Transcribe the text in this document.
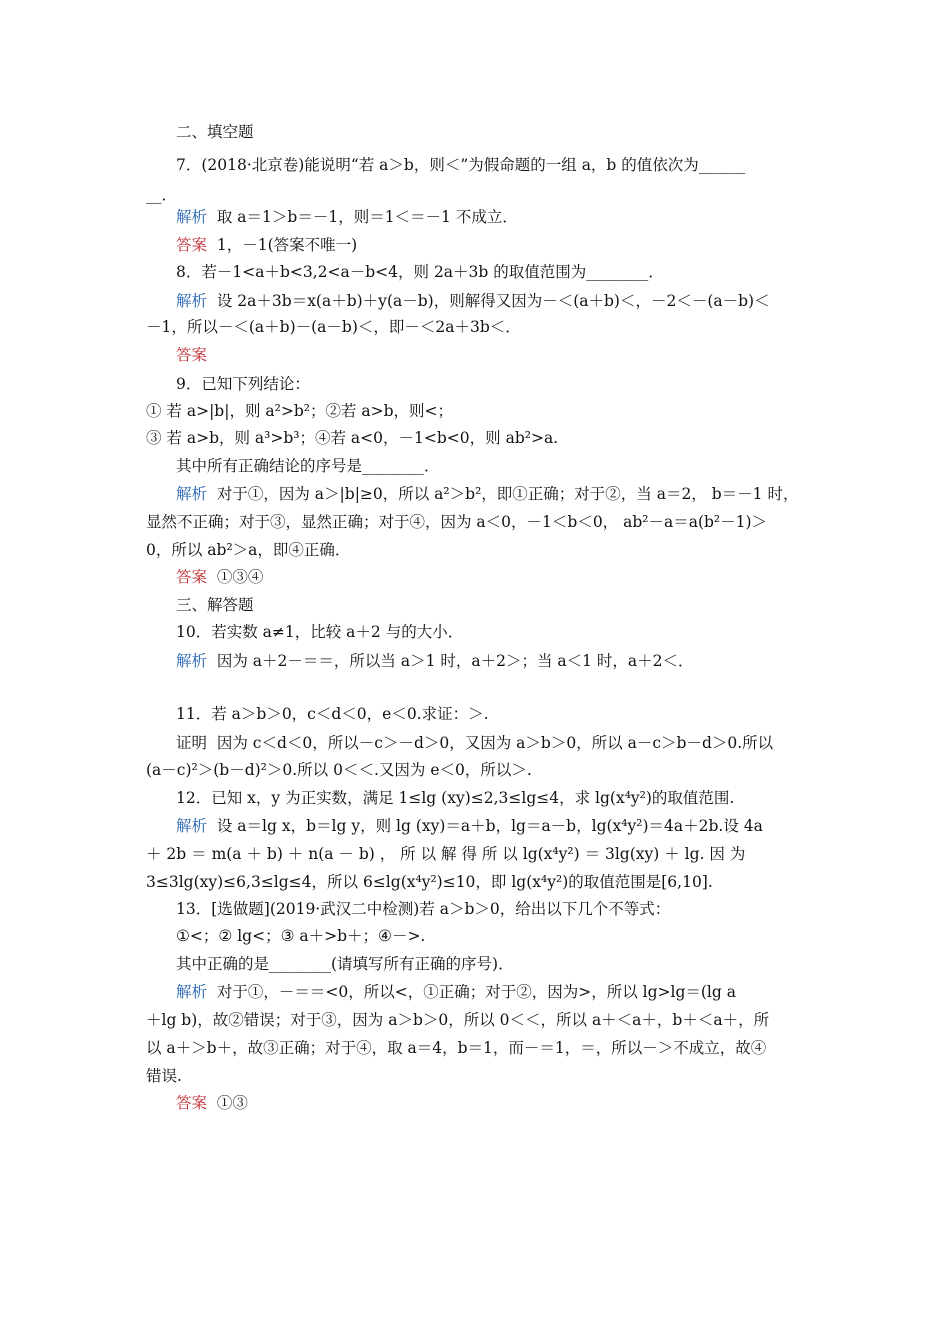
二、填空题
7．(2018·北京卷)能说明“若 a＞b，则＜”为假命题的一组 a，b 的值依次为______
__．
解析 取 a＝1＞b＝－1，则＝1＜＝－1 不成立．
答案 1，－1(答案不唯一)
8．若－1<a＋b<3,2<a－b<4，则 2a＋3b 的取值范围为________．
解析 设 2a＋3b＝x(a＋b)＋y(a－b)，则解得又因为－＜(a＋b)＜，－2＜－(a－b)＜
－1，所以－＜(a＋b)－(a－b)＜，即－＜2a＋3b＜．
答案
9．已知下列结论：
① 若 a>|b|，则 a²>b²；②若 a>b，则<；
③ 若 a>b，则 a³>b³；④若 a<0，－1<b<0，则 ab²>a.
其中所有正确结论的序号是________．
解析 对于①，因为 a＞|b|≥0，所以 a²＞b²，即①正确；对于②，当 a＝2， b＝－1 时，
显然不正确；对于③，显然正确；对于④，因为 a＜0，－1＜b＜0， ab²－a＝a(b²－1)＞
0，所以 ab²＞a，即④正确．
答案 ①③④
三、解答题
10．若实数 a≠1，比较 a＋2 与的大小．
解析 因为 a＋2－＝＝，所以当 a＞1 时，a＋2＞；当 a＜1 时，a＋2＜．
11．若 a＞b＞0，c＜d＜0，e＜0.求证：＞.
证明 因为 c＜d＜0，所以－c＞－d＞0，又因为 a＞b＞0，所以 a－c＞b－d＞0.所以
(a－c)²＞(b－d)²＞0.所以 0＜＜.又因为 e＜0，所以＞.
12．已知 x，y 为正实数，满足 1≤lg (xy)≤2,3≤lg≤4，求 lg(x⁴y²)的取值范围.
解析 设 a＝lg x，b＝lg y，则 lg (xy)＝a＋b，lg＝a－b，lg(x⁴y²)＝4a＋2b.设 4a
＋ 2b ＝ m(a ＋ b) ＋ n(a － b) ， 所 以 解 得 所 以 lg(x⁴y²) ＝ 3lg(xy) ＋ lg. 因 为
3≤3lg(xy)≤6,3≤lg≤4，所以 6≤lg(x⁴y²)≤10，即 lg(x⁴y²)的取值范围是[6,10].
13．[选做题](2019·武汉二中检测)若 a＞b＞0，给出以下几个不等式：
①<；② lg<；③ a＋>b＋；④－>.
其中正确的是________(请填写所有正确的序号)．
解析 对于①，－＝＝<0，所以<，①正确；对于②，因为>，所以 lg>lg＝(lg a
＋lg b)，故②错误；对于③，因为 a＞b＞0，所以 0＜＜，所以 a＋＜a＋，b＋＜a＋，所
以 a＋＞b＋，故③正确；对于④，取 a＝4，b＝1，而－＝1，＝，所以－＞不成立，故④
错误.
答案 ①③
